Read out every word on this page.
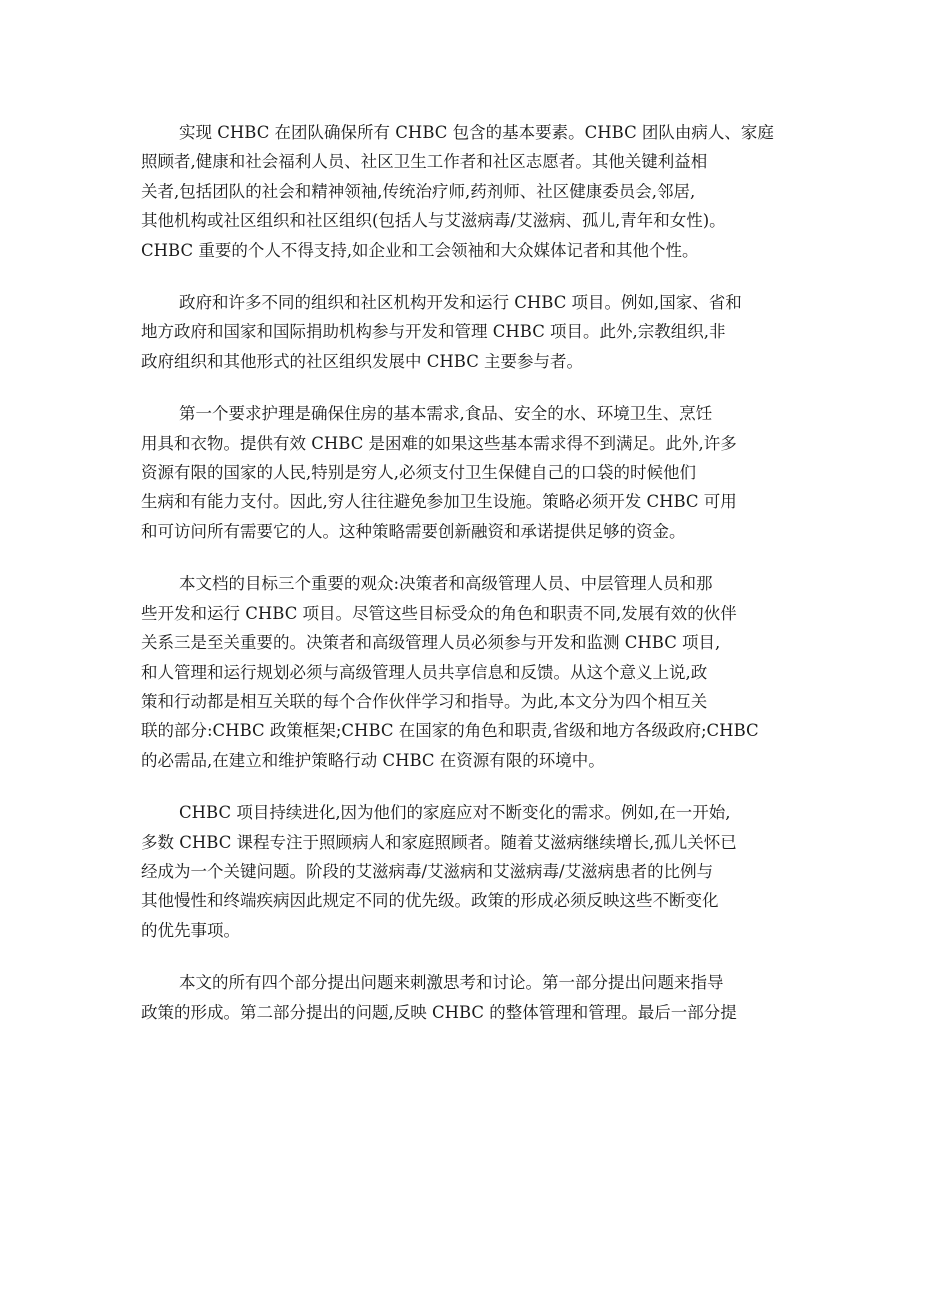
实现 CHBC 在团队确保所有 CHBC 包含的基本要素。CHBC 团队由病人、家庭
照顾者,健康和社会福利人员、社区卫生工作者和社区志愿者。其他关键利益相
关者,包括团队的社会和精神领袖,传统治疗师,药剂师、社区健康委员会,邻居,
其他机构或社区组织和社区组织(包括人与艾滋病毒/艾滋病、孤儿,青年和女性)。
CHBC 重要的个人不得支持,如企业和工会领袖和大众媒体记者和其他个性。

政府和许多不同的组织和社区机构开发和运行 CHBC 项目。例如,国家、省和
地方政府和国家和国际捐助机构参与开发和管理 CHBC 项目。此外,宗教组织,非
政府组织和其他形式的社区组织发展中 CHBC 主要参与者。

第一个要求护理是确保住房的基本需求,食品、安全的水、环境卫生、烹饪
用具和衣物。提供有效 CHBC 是困难的如果这些基本需求得不到满足。此外,许多
资源有限的国家的人民,特别是穷人,必须支付卫生保健自己的口袋的时候他们
生病和有能力支付。因此,穷人往往避免参加卫生设施。策略必须开发 CHBC 可用
和可访问所有需要它的人。这种策略需要创新融资和承诺提供足够的资金。

本文档的目标三个重要的观众:决策者和高级管理人员、中层管理人员和那
些开发和运行 CHBC 项目。尽管这些目标受众的角色和职责不同,发展有效的伙伴
关系三是至关重要的。决策者和高级管理人员必须参与开发和监测 CHBC 项目,
和人管理和运行规划必须与高级管理人员共享信息和反馈。从这个意义上说,政
策和行动都是相互关联的每个合作伙伴学习和指导。为此,本文分为四个相互关
联的部分:CHBC 政策框架;CHBC 在国家的角色和职责,省级和地方各级政府;CHBC
的必需品,在建立和维护策略行动 CHBC 在资源有限的环境中。

CHBC 项目持续进化,因为他们的家庭应对不断变化的需求。例如,在一开始,
多数 CHBC 课程专注于照顾病人和家庭照顾者。随着艾滋病继续增长,孤儿关怀已
经成为一个关键问题。阶段的艾滋病毒/艾滋病和艾滋病毒/艾滋病患者的比例与
其他慢性和终端疾病因此规定不同的优先级。政策的形成必须反映这些不断变化
的优先事项。

本文的所有四个部分提出问题来刺激思考和讨论。第一部分提出问题来指导
政策的形成。第二部分提出的问题,反映 CHBC 的整体管理和管理。最后一部分提
